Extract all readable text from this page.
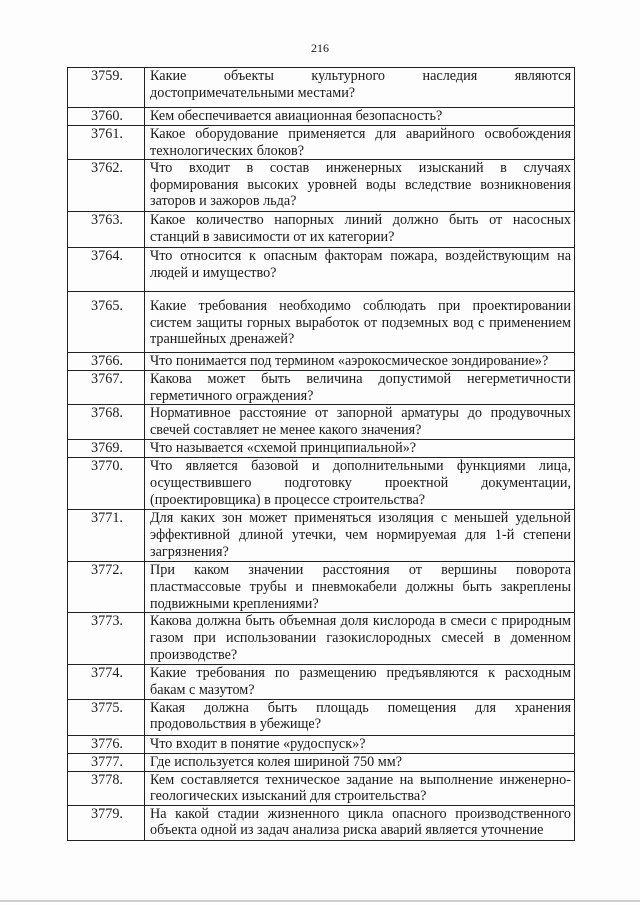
216
3759.	Какие объекты культурного наследия являются достопримечательными местами?
3760.	Кем обеспечивается авиационная безопасность?
3761.	Какое оборудование применяется для аварийного освобождения технологических блоков?
3762.	Что входит в состав инженерных изысканий в случаях формирования высоких уровней воды вследствие возникновения заторов и зажоров льда?
3763.	Какое количество напорных линий должно быть от насосных станций в зависимости от их категории?
3764.	Что относится к опасным факторам пожара, воздействующим на людей и имущество?
3765.	Какие требования необходимо соблюдать при проектировании систем защиты горных выработок от подземных вод с применением траншейных дренажей?
3766.	Что понимается под термином «аэрокосмическое зондирование»?
3767.	Какова может быть величина допустимой негерметичности герметичного ограждения?
3768.	Нормативное расстояние от запорной арматуры до продувочных свечей составляет не менее какого значения?
3769.	Что называется «схемой принципиальной»?
3770.	Что является базовой и дополнительными функциями лица, осуществившего подготовку проектной документации, (проектировщика) в процессе строительства?
3771.	Для каких зон может применяться изоляция с меньшей удельной эффективной длиной утечки, чем нормируемая для 1-й степени загрязнения?
3772.	При каком значении расстояния от вершины поворота пластмассовые трубы и пневмокабели должны быть закреплены подвижными креплениями?
3773.	Какова должна быть объемная доля кислорода в смеси с природным газом при использовании газокислородных смесей в доменном производстве?
3774.	Какие требования по размещению предъявляются к расходным бакам с мазутом?
3775.	Какая должна быть площадь помещения для хранения продовольствия в убежище?
3776.	Что входит в понятие «рудоспуск»?
3777.	Где используется колея шириной 750 мм?
3778.	Кем составляется техническое задание на выполнение инженерно-геологических изысканий для строительства?
3779.	На какой стадии жизненного цикла опасного производственного объекта одной из задач анализа риска аварий является уточнение
